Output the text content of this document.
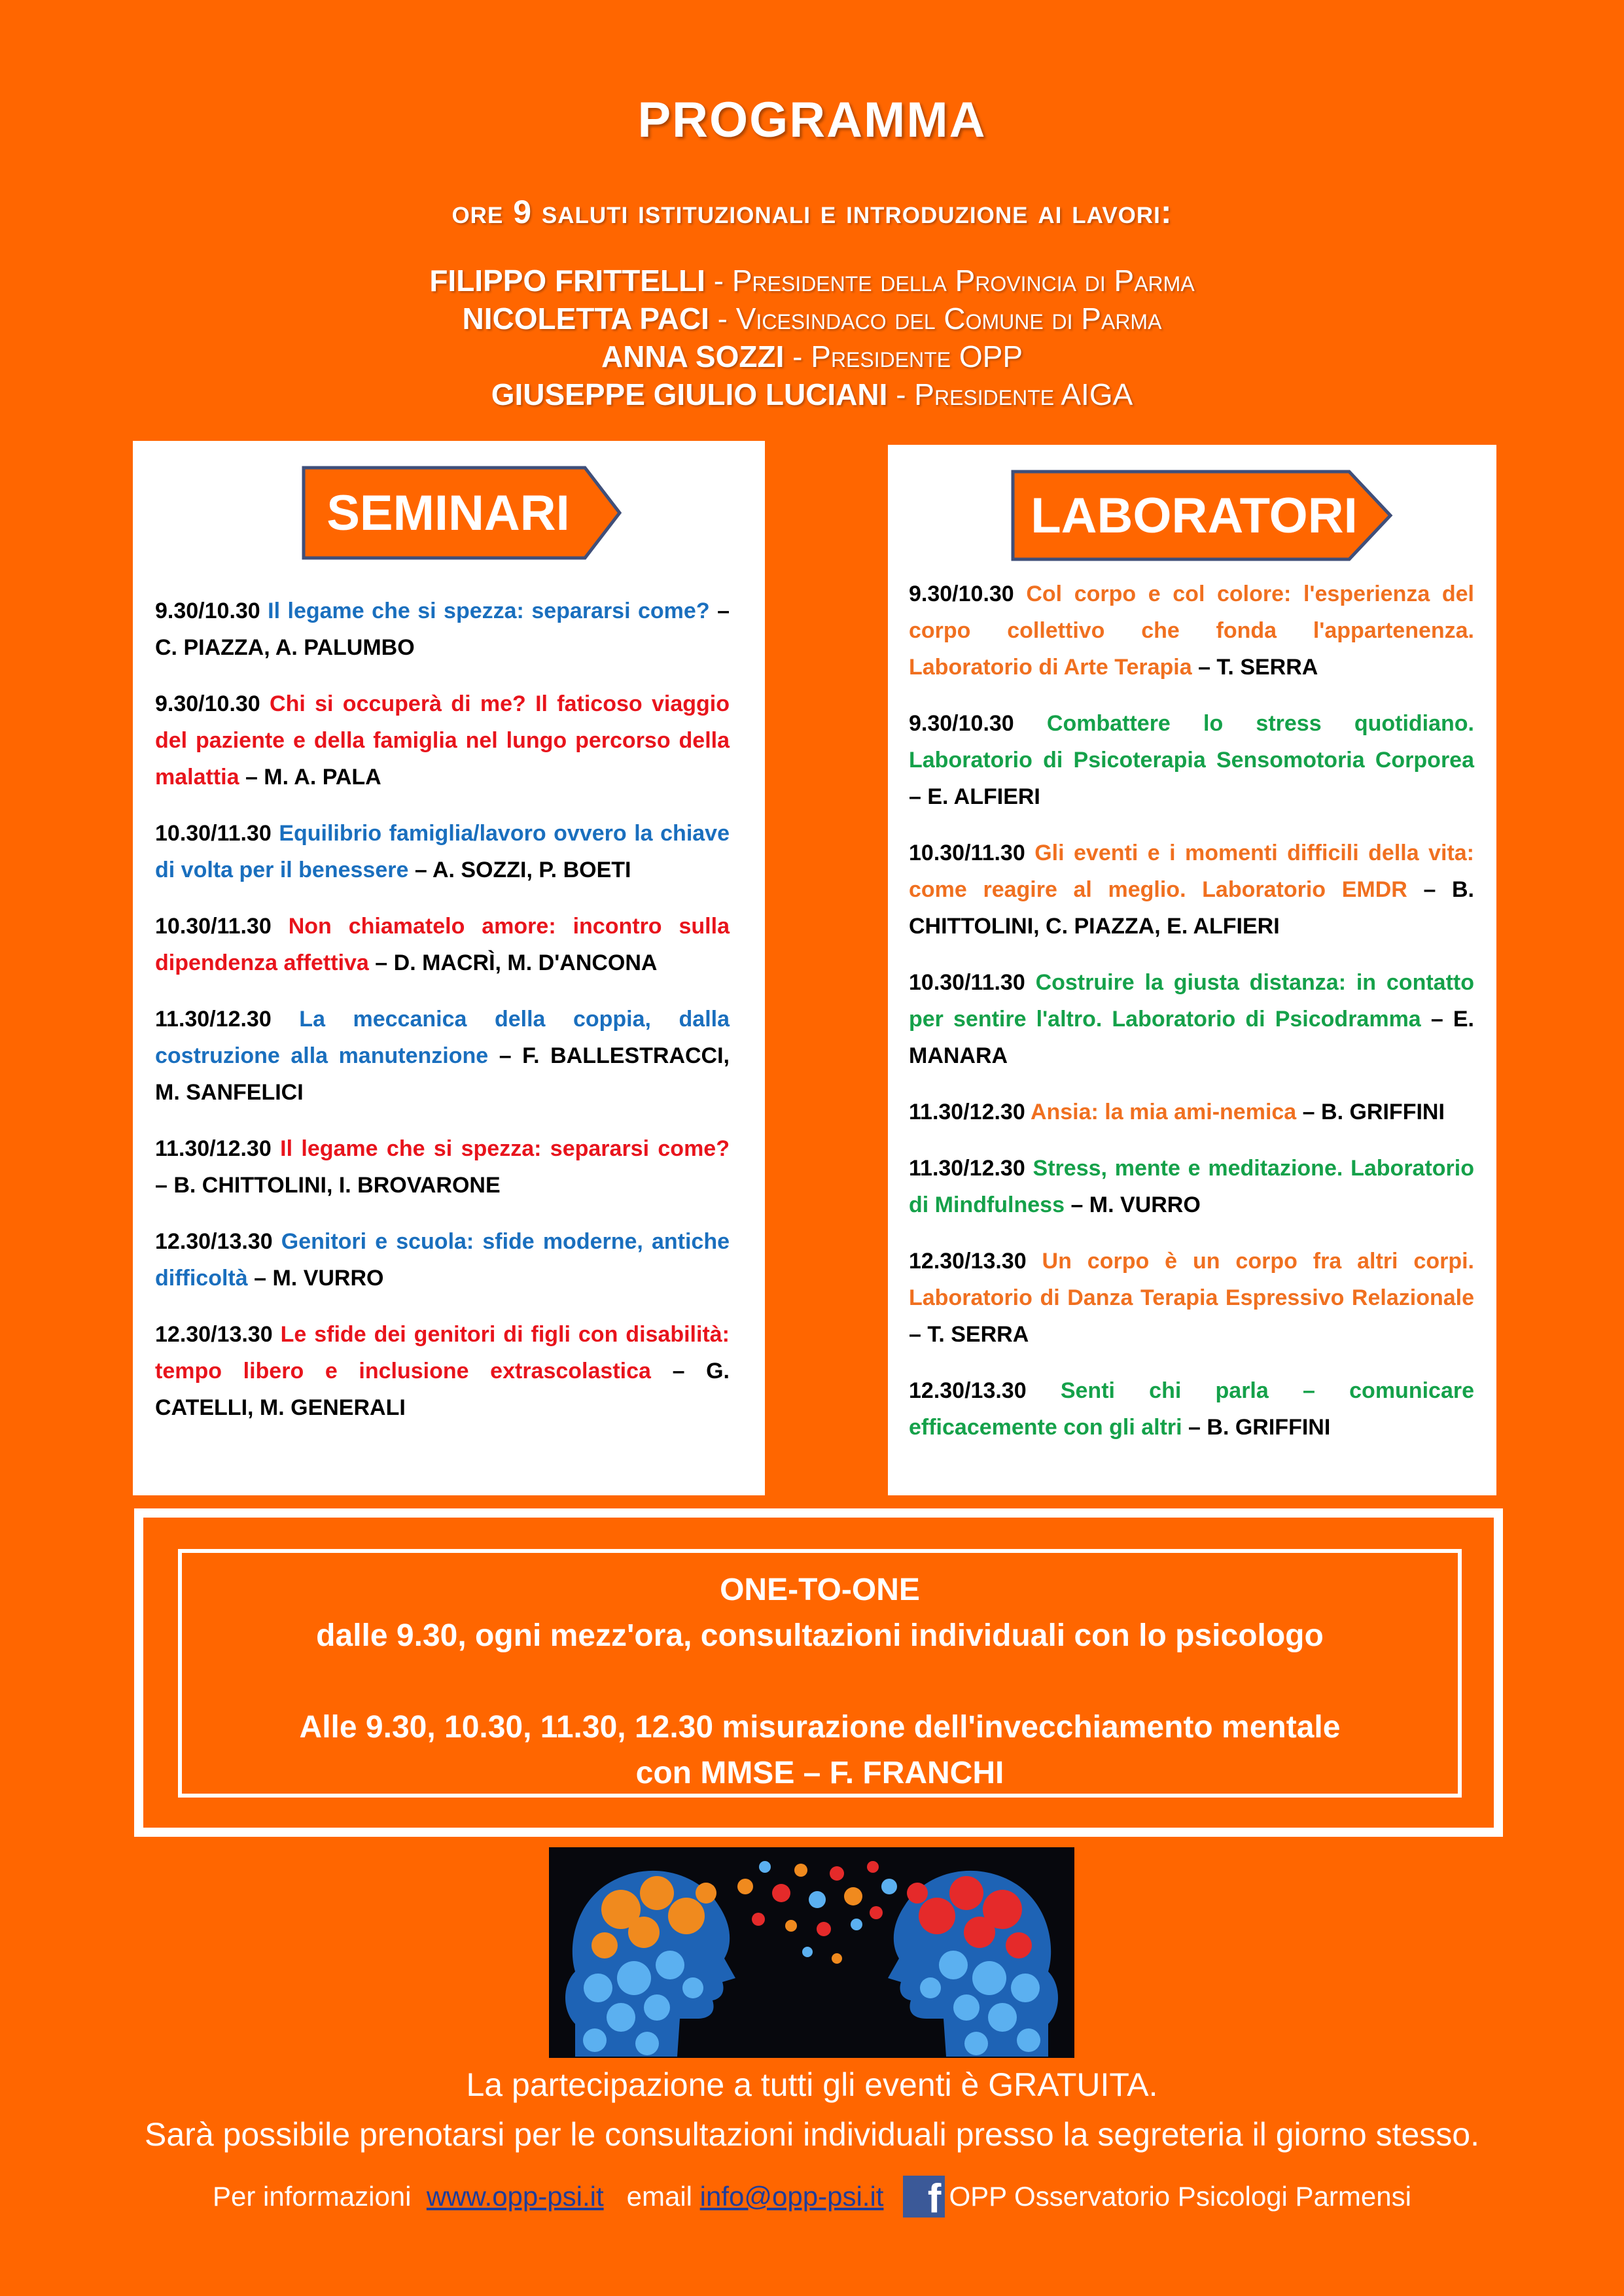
PROGRAMMA
ore 9 saluti istituzionali e introduzione ai lavori:
FILIPPO FRITTELLI - Presidente della Provincia di Parma
NICOLETTA PACI - Vicesindaco del Comune di Parma
ANNA SOZZI - Presidente OPP
GIUSEPPE GIULIO LUCIANI - Presidente AIGA
SEMINARI
9.30/10.30 Il legame che si spezza: separarsi come? – C. PIAZZA, A. PALUMBO
9.30/10.30 Chi si occuperà di me? Il faticoso viaggio del paziente e della famiglia nel lungo percorso della malattia – M. A. PALA
10.30/11.30 Equilibrio famiglia/lavoro ovvero la chiave di volta per il benessere – A. SOZZI, P. BOETI
10.30/11.30 Non chiamatelo amore: incontro sulla dipendenza affettiva – D. MACRÌ, M. D'ANCONA
11.30/12.30 La meccanica della coppia, dalla costruzione alla manutenzione – F. BALLESTRACCI, M. SANFELICI
11.30/12.30 Il legame che si spezza: separarsi come? – B. CHITTOLINI, I. BROVARONE
12.30/13.30 Genitori e scuola: sfide moderne, antiche difficoltà – M. VURRO
12.30/13.30 Le sfide dei genitori di figli con disabilità: tempo libero e inclusione extrascolastica – G. CATELLI, M. GENERALI
LABORATORI
9.30/10.30 Col corpo e col colore: l'esperienza del corpo collettivo che fonda l'appartenenza. Laboratorio di Arte Terapia – T. SERRA
9.30/10.30 Combattere lo stress quotidiano. Laboratorio di Psicoterapia Sensomotoria Corporea – E. ALFIERI
10.30/11.30 Gli eventi e i momenti difficili della vita: come reagire al meglio. Laboratorio EMDR – B. CHITTOLINI, C. PIAZZA, E. ALFIERI
10.30/11.30 Costruire la giusta distanza: in contatto per sentire l'altro. Laboratorio di Psicodramma – E. MANARA
11.30/12.30 Ansia: la mia ami-nemica – B. GRIFFINI
11.30/12.30 Stress, mente e meditazione. Laboratorio di Mindfulness – M. VURRO
12.30/13.30 Un corpo è un corpo fra altri corpi. Laboratorio di Danza Terapia Espressivo Relazionale – T. SERRA
12.30/13.30 Senti chi parla – comunicare efficacemente con gli altri – B. GRIFFINI
ONE-TO-ONE
dalle 9.30, ogni mezz'ora, consultazioni individuali con lo psicologo
Alle 9.30, 10.30, 11.30, 12.30 misurazione dell'invecchiamento mentale
con MMSE – F. FRANCHI
La partecipazione a tutti gli eventi è GRATUITA.
Sarà possibile prenotarsi per le consultazioni individuali presso la segreteria il giorno stesso.
Per informazioni www.opp-psi.it email info@opp-psi.it f OPP Osservatorio Psicologi Parmensi
